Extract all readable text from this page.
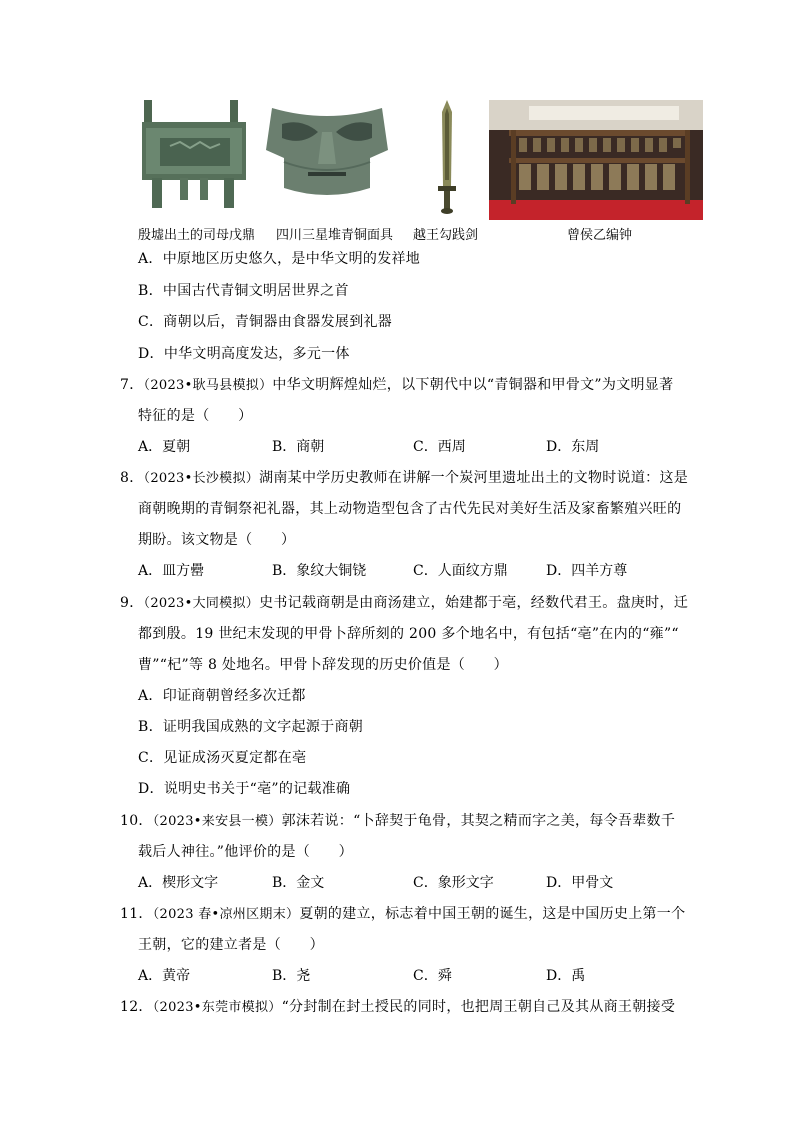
殷墟出土的司母戊鼎 四川三星堆青铜面具 越王勾践剑	曾侯乙编钟
A．中原地区历史悠久，是中华文明的发祥地
B．中国古代青铜文明居世界之首
C．商朝以后，青铜器由食器发展到礼器
D．中华文明高度发达，多元一体
7．（2023•耿马县模拟）中华文明辉煌灿烂，以下朝代中以“青铜器和甲骨文”为文明显著
特征的是（　　）
A．夏朝	B．商朝	C．西周	D．东周
8．（2023•长沙模拟）湖南某中学历史教师在讲解一个炭河里遗址出土的文物时说道：这是
商朝晚期的青铜祭祀礼器，其上动物造型包含了古代先民对美好生活及家畜繁殖兴旺的
期盼。该文物是（　　）
A．皿方罍	B．象纹大铜铙	C．人面纹方鼎	D．四羊方尊
9．（2023•大同模拟）史书记载商朝是由商汤建立，始建都于亳，经数代君王。盘庚时，迁
都到殷。19 世纪末发现的甲骨卜辞所刻的 200 多个地名中，有包括“亳”在内的“雍”“
曹”“杞”等 8 处地名。甲骨卜辞发现的历史价值是（　　）
A．印证商朝曾经多次迁都
B．证明我国成熟的文字起源于商朝
C．见证成汤灭夏定都在亳
D．说明史书关于“亳”的记载准确
10．（2023•来安县一模）郭沫若说：“卜辞契于龟骨，其契之精而字之美，每令吾辈数千
载后人神往。”他评价的是（　　）
A．楔形文字	B．金文	C．象形文字	D．甲骨文
11．（2023 春•凉州区期末）夏朝的建立，标志着中国王朝的诞生，这是中国历史上第一个
王朝，它的建立者是（　　）
A．黄帝	B．尧	C．舜	D．禹
12．（2023•东莞市模拟）“分封制在封土授民的同时，也把周王朝自己及其从商王朝接受
